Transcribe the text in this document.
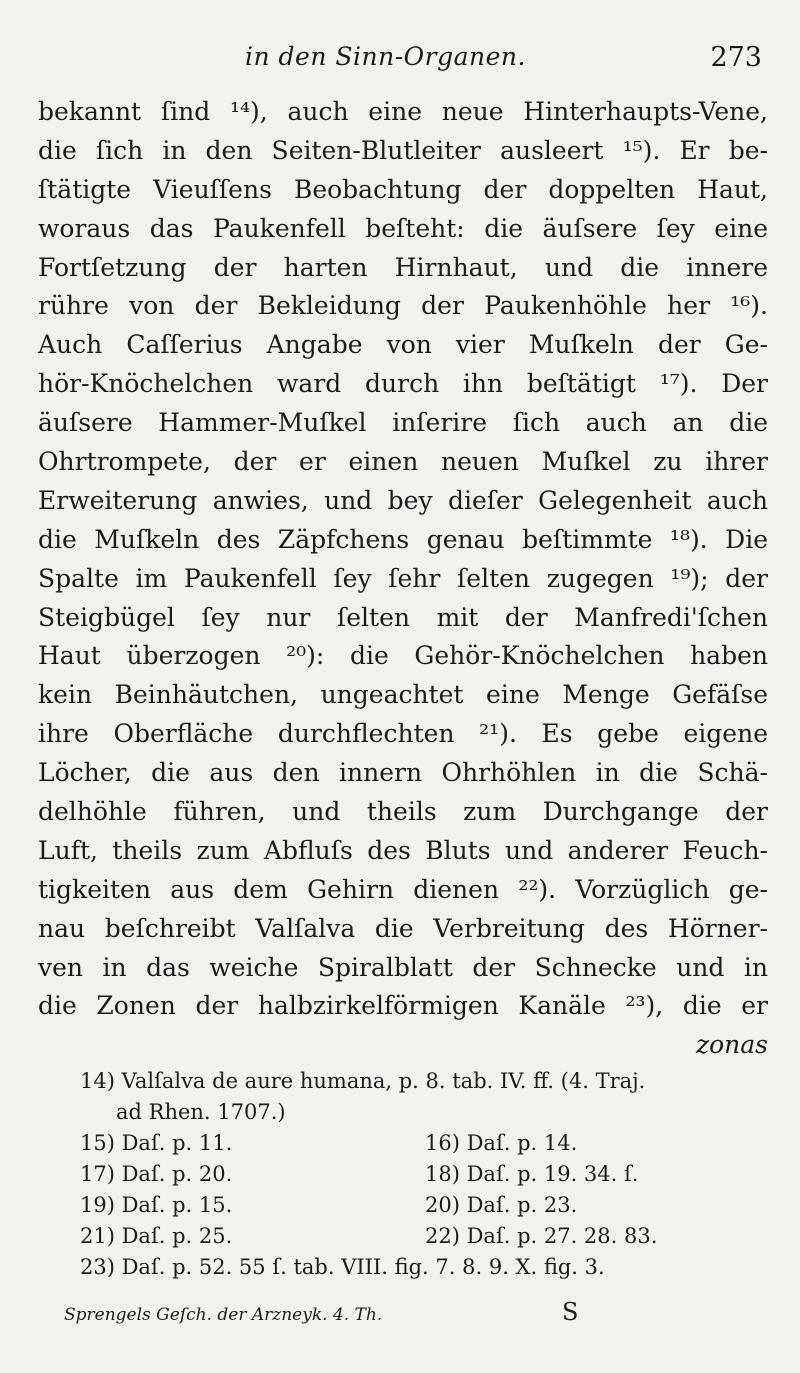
in den Sinn-Organen.	273
bekannt ſind ¹⁴), auch eine neue Hinterhaupts-Vene,
die ſich in den Seiten-Blutleiter ausleert ¹⁵). Er be-
ſtätigte Vieuſſens Beobachtung der doppelten Haut,
woraus das Paukenfell beſteht: die äuſsere ſey eine
Fortſetzung der harten Hirnhaut, und die innere
rühre von der Bekleidung der Paukenhöhle her ¹⁶).
Auch Caſſerius Angabe von vier Muſkeln der Ge-
hör-Knöchelchen ward durch ihn beſtätigt ¹⁷). Der
äuſsere Hammer-Muſkel inſerire ſich auch an die
Ohrtrompete, der er einen neuen Muſkel zu ihrer
Erweiterung anwies, und bey dieſer Gelegenheit auch
die Muſkeln des Zäpfchens genau beſtimmte ¹⁸). Die
Spalte im Paukenfell ſey ſehr ſelten zugegen ¹⁹); der
Steigbügel ſey nur ſelten mit der Manfredi'ſchen
Haut überzogen ²⁰): die Gehör-Knöchelchen haben
kein Beinhäutchen, ungeachtet eine Menge Gefäſse
ihre Oberfläche durchflechten ²¹). Es gebe eigene
Löcher, die aus den innern Ohrhöhlen in die Schä-
delhöhle führen, und theils zum Durchgange der
Luft, theils zum Abfluſs des Bluts und anderer Feuch-
tigkeiten aus dem Gehirn dienen ²²). Vorzüglich ge-
nau beſchreibt Valſalva die Verbreitung des Hörner-
ven in das weiche Spiralblatt der Schnecke und in
die Zonen der halbzirkelförmigen Kanäle ²³), die er
zonas
14) Valſalva de aure humana, p. 8. tab. IV. ff. (4. Traj.
ad Rhen. 1707.)
15) Daſ. p. 11.	16) Daſ. p. 14.
17) Daſ. p. 20.	18) Daſ. p. 19. 34. ſ.
19) Daſ. p. 15.	20) Daſ. p. 23.
21) Daſ. p. 25.	22) Daſ. p. 27. 28. 83.
23) Daſ. p. 52. 55 ſ. tab. VIII. fig. 7. 8. 9. X. fig. 3.
Sprengels Geſch. der Arzneyk. 4. Th.	S
